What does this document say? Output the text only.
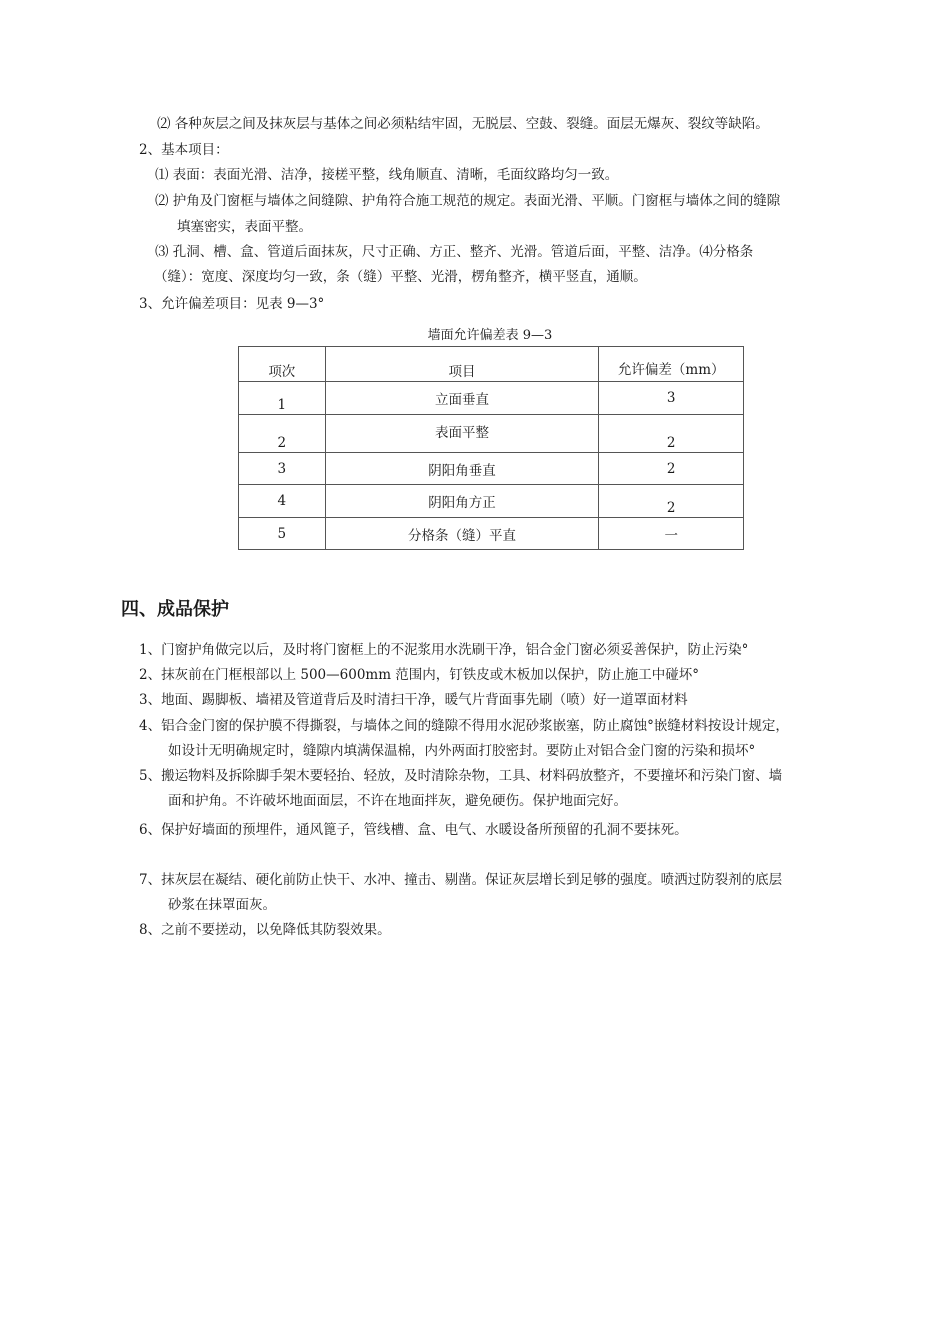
⑵ 各种灰层之间及抹灰层与基体之间必须粘结牢固，无脱层、空鼓、裂缝。面层无爆灰、裂纹等缺陷。
2、基本项目：
⑴ 表面：表面光滑、洁净，接槎平整，线角顺直、清晰，毛面纹路均匀一致。
⑵ 护角及门窗框与墙体之间缝隙、护角符合施工规范的规定。表面光滑、平顺。门窗框与墙体之间的缝隙
填塞密实，表面平整。
⑶ 孔洞、槽、盒、管道后面抹灰，尺寸正确、方正、整齐、光滑。管道后面，平整、洁净。⑷分格条
（缝）：宽度、深度均匀一致，条（缝）平整、光滑，楞角整齐，横平竖直，通顺。
3、允许偏差项目：见表 9—3°
墙面允许偏差表 9—3
项次	项目	允许偏差（mm）
1	立面垂直	3
2	表面平整	2
3	阴阳角垂直	2
4	阴阳角方正	2
5	分格条（缝）平直	一
四、成品保护
1、门窗护角做完以后，及时将门窗框上的不泥浆用水洗刷干净，铝合金门窗必须妥善保护，防止污染°
2、抹灰前在门框根部以上 500—600mm 范围内，钉铁皮或木板加以保护，防止施工中碰坏°
3、地面、踢脚板、墙裙及管道背后及时清扫干净，暖气片背面事先刷（喷）好一道罩面材料
4、铝合金门窗的保护膜不得撕裂，与墙体之间的缝隙不得用水泥砂浆嵌塞，防止腐蚀°嵌缝材料按设计规定，
如设计无明确规定时，缝隙内填满保温棉，内外两面打胶密封。要防止对铝合金门窗的污染和损坏°
5、搬运物料及拆除脚手架木要轻抬、轻放，及时清除杂物，工具、材料码放整齐，不要撞坏和污染门窗、墙
面和护角。不许破坏地面面层，不许在地面拌灰，避免硬伤。保护地面完好。
6、保护好墙面的预埋件，通风篦子，管线槽、盒、电气、水暖设备所预留的孔洞不要抹死。
7、抹灰层在凝结、硬化前防止快干、水冲、撞击、剔凿。保证灰层增长到足够的强度。喷洒过防裂剂的底层
砂浆在抹罩面灰。
8、之前不要搓动，以免降低其防裂效果。
